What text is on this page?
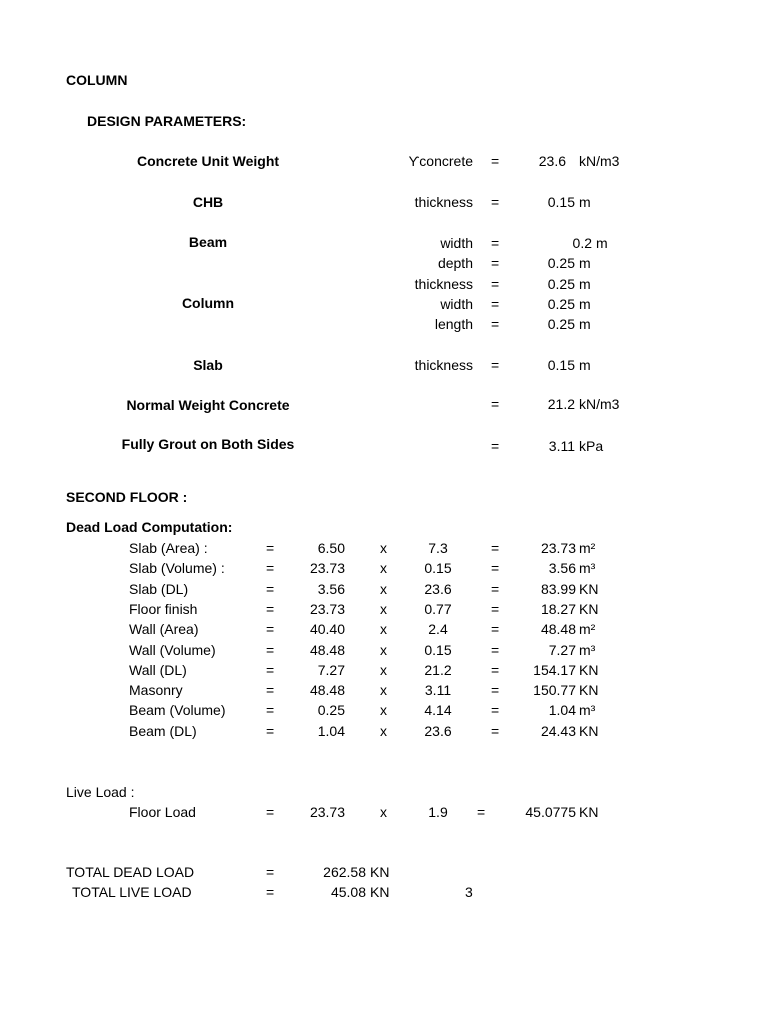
COLUMN
DESIGN PARAMETERS:
Concrete Unit Weight	ϒconcrete =	23.6 kN/m3
CHB	thickness =	0.15 m
Beam	width =	0.2 m
depth =	0.25 m
thickness =	0.25 m
Column	width =	0.25 m
length =	0.25 m
Slab	thickness =	0.15 m
Normal Weight Concrete	=	21.2 kN/m3
Fully Grout on Both Sides	=	3.11 kPa
SECOND FLOOR :
Dead Load Computation:
Slab (Area) :	=	6.50	x	7.3	=	23.73 m²
Slab (Volume) :	=	23.73	x	0.15	=	3.56 m³
Slab (DL)	=	3.56	x	23.6	=	83.99 KN
Floor finish	=	23.73	x	0.77	=	18.27 KN
Wall (Area)	=	40.40	x	2.4	=	48.48 m²
Wall (Volume)	=	48.48	x	0.15	=	7.27 m³
Wall (DL)	=	7.27	x	21.2	=	154.17 KN
Masonry	=	48.48	x	3.11	=	150.77 KN
Beam (Volume)	=	0.25	x	4.14	=	1.04 m³
Beam (DL)	=	1.04	x	23.6	=	24.43 KN
Live Load :
Floor Load	=	23.73	x	1.9	=	45.0775 KN
TOTAL DEAD LOAD	=	262.58 KN
TOTAL LIVE LOAD	=	45.08 KN	3
